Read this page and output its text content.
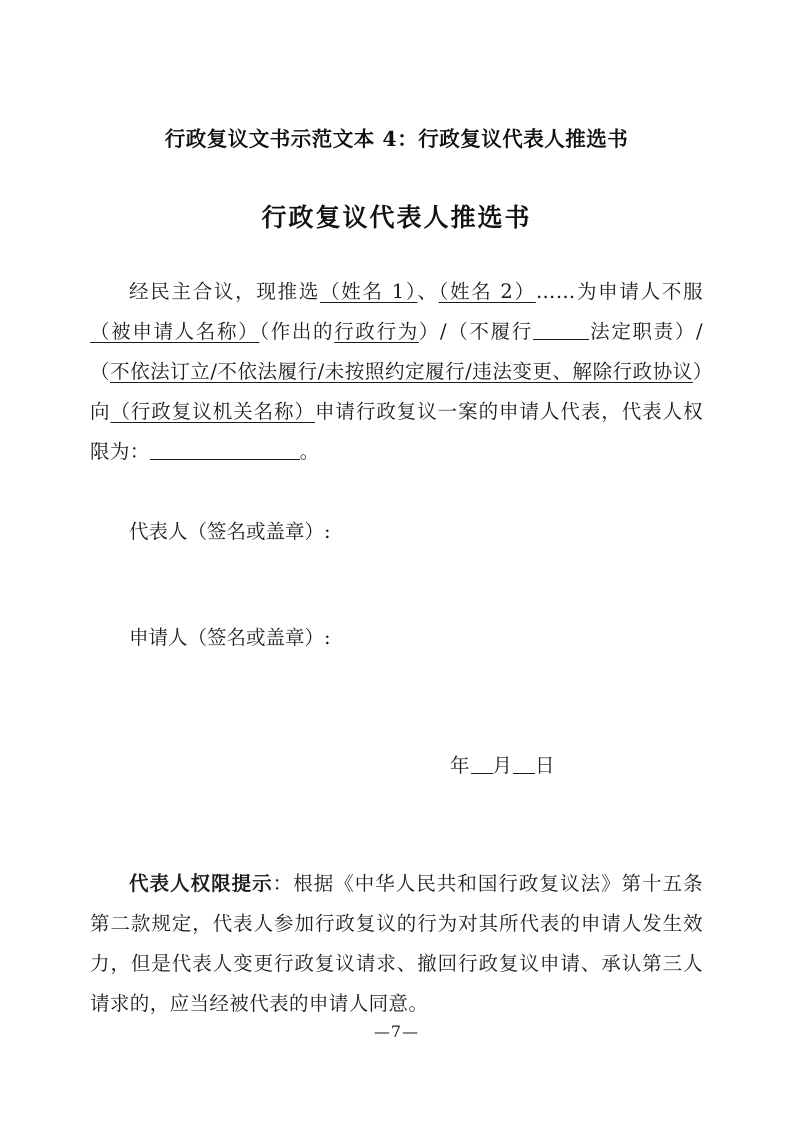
行政复议文书示范文本 4：行政复议代表人推选书
行政复议代表人推选书
经民主合议，现推选（姓名 1）、（姓名 2）……为申请人不服（被申请人名称）（作出的行政行为）/（不履行	法定职责）/（不依法订立/不依法履行/未按照约定履行/违法变更、解除行政协议）向（行政复议机关名称）申请行政复议一案的申请人代表，代表人权限为：	。
代表人（签名或盖章）:
申请人（签名或盖章）:
年 月 日
代表人权限提示：根据《中华人民共和国行政复议法》第十五条第二款规定，代表人参加行政复议的行为对其所代表的申请人发生效力，但是代表人变更行政复议请求、撤回行政复议申请、承认第三人请求的，应当经被代表的申请人同意。
—7—
